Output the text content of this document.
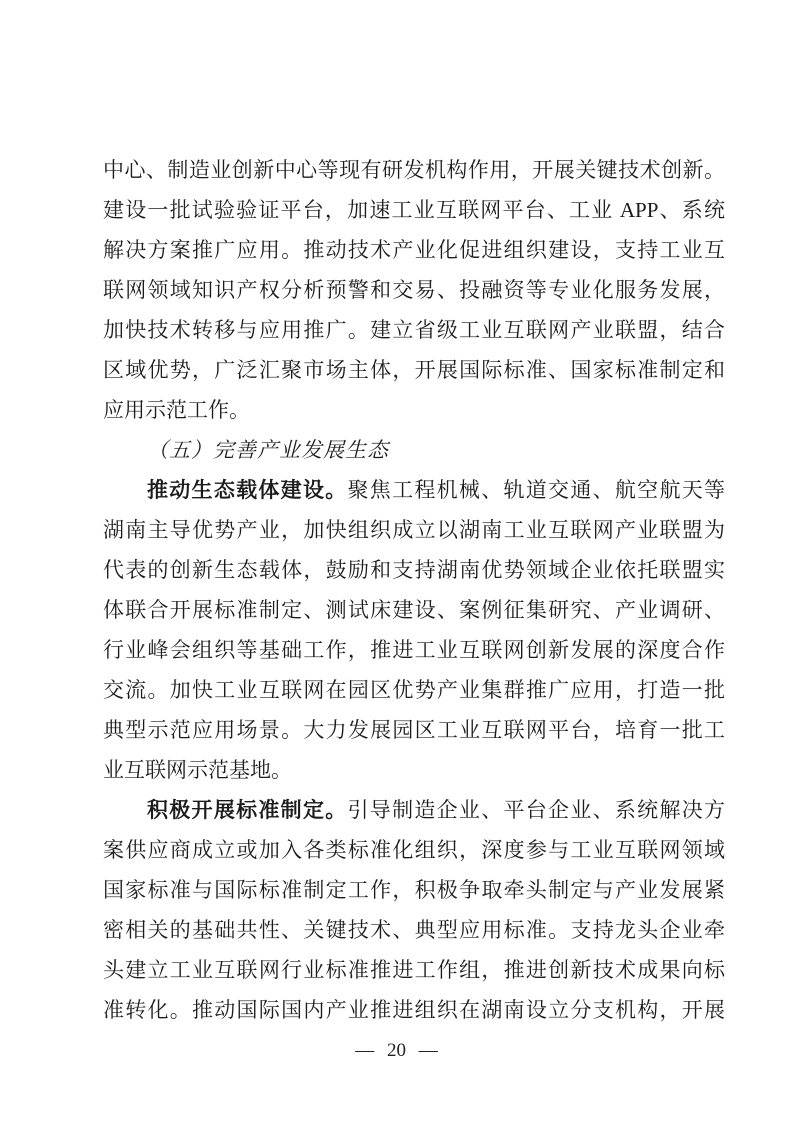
中心、制造业创新中心等现有研发机构作用，开展关键技术创新。
建设一批试验验证平台，加速工业互联网平台、工业 APP、系统
解决方案推广应用。推动技术产业化促进组织建设，支持工业互
联网领域知识产权分析预警和交易、投融资等专业化服务发展，
加快技术转移与应用推广。建立省级工业互联网产业联盟，结合
区域优势，广泛汇聚市场主体，开展国际标准、国家标准制定和
应用示范工作。
（五）完善产业发展生态
推动生态载体建设。聚焦工程机械、轨道交通、航空航天等
湖南主导优势产业，加快组织成立以湖南工业互联网产业联盟为
代表的创新生态载体，鼓励和支持湖南优势领域企业依托联盟实
体联合开展标准制定、测试床建设、案例征集研究、产业调研、
行业峰会组织等基础工作，推进工业互联网创新发展的深度合作
交流。加快工业互联网在园区优势产业集群推广应用，打造一批
典型示范应用场景。大力发展园区工业互联网平台，培育一批工
业互联网示范基地。
积极开展标准制定。引导制造企业、平台企业、系统解决方
案供应商成立或加入各类标准化组织，深度参与工业互联网领域
国家标准与国际标准制定工作，积极争取牵头制定与产业发展紧
密相关的基础共性、关键技术、典型应用标准。支持龙头企业牵
头建立工业互联网行业标准推进工作组，推进创新技术成果向标
准转化。推动国际国内产业推进组织在湖南设立分支机构，开展
— 20 —
